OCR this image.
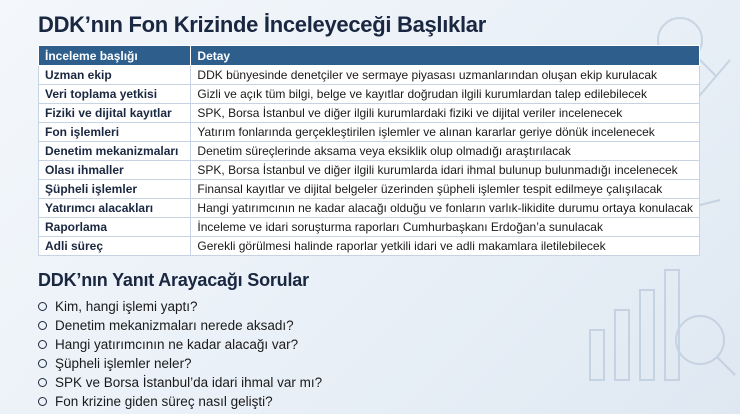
DDK’nın Fon Krizinde İnceleyeceği Başlıklar
İnceleme başlığı	Detay
Uzman ekip	DDK bünyesinde denetçiler ve sermaye piyasası uzmanlarından oluşan ekip kurulacak
Veri toplama yetkisi	Gizli ve açık tüm bilgi, belge ve kayıtlar doğrudan ilgili kurumlardan talep edilebilecek
Fiziki ve dijital kayıtlar	SPK, Borsa İstanbul ve diğer ilgili kurumlardaki fiziki ve dijital veriler incelenecek
Fon işlemleri	Yatırım fonlarında gerçekleştirilen işlemler ve alınan kararlar geriye dönük incelenecek
Denetim mekanizmaları	Denetim süreçlerinde aksama veya eksiklik olup olmadığı araştırılacak
Olası ihmaller	SPK, Borsa İstanbul ve diğer ilgili kurumlarda idari ihmal bulunup bulunmadığı incelenecek
Şüpheli işlemler	Finansal kayıtlar ve dijital belgeler üzerinden şüpheli işlemler tespit edilmeye çalışılacak
Yatırımcı alacakları	Hangi yatırımcının ne kadar alacağı olduğu ve fonların varlık-likidite durumu ortaya konulacak
Raporlama	İnceleme ve idari soruşturma raporları Cumhurbaşkanı Erdoğan’a sunulacak
Adli süreç	Gerekli görülmesi halinde raporlar yetkili idari ve adli makamlara iletilebilecek
DDK’nın Yanıt Arayacağı Sorular
Kim, hangi işlemi yaptı?
Denetim mekanizmaları nerede aksadı?
Hangi yatırımcının ne kadar alacağı var?
Şüpheli işlemler neler?
SPK ve Borsa İstanbul’da idari ihmal var mı?
Fon krizine giden süreç nasıl gelişti?
